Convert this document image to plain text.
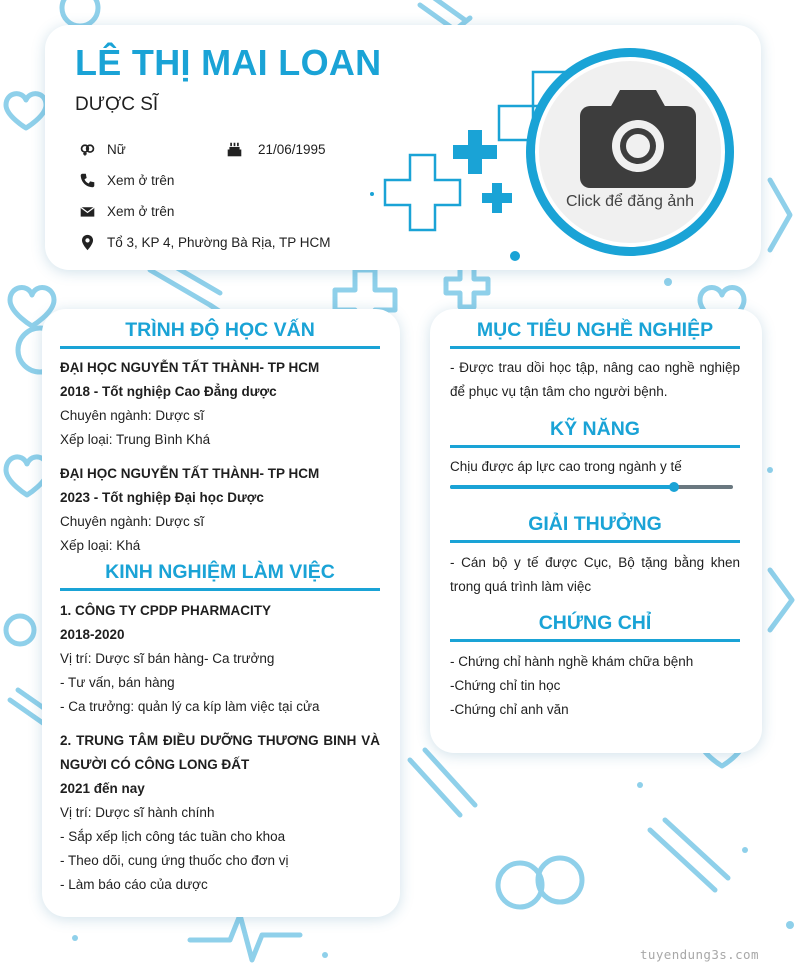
LÊ THỊ MAI LOAN
DƯỢC SĨ
Nữ	21/06/1995
Xem ở trên
Xem ở trên
Tổ 3, KP 4, Phường Bà Rịa, TP HCM
Click để đăng ảnh
TRÌNH ĐỘ HỌC VẤN
ĐẠI HỌC NGUYỄN TẤT THÀNH- TP HCM
2018 - Tốt nghiệp Cao Đẳng dược
Chuyên ngành: Dược sĩ
Xếp loại: Trung Bình Khá
ĐẠI HỌC NGUYỄN TẤT THÀNH- TP HCM
2023 - Tốt nghiệp Đại học Dược
Chuyên ngành: Dược sĩ
Xếp loại: Khá
KINH NGHIỆM LÀM VIỆC
1. CÔNG TY CPDP PHARMACITY
2018-2020
Vị trí: Dược sĩ bán hàng- Ca trưởng
- Tư vấn, bán hàng
- Ca trưởng: quản lý ca kíp làm việc tại cửa
2. TRUNG TÂM ĐIỀU DƯỠNG THƯƠNG BINH VÀ
NGƯỜI CÓ CÔNG LONG ĐẤT
2021 đến nay
Vị trí: Dược sĩ hành chính
- Sắp xếp lịch công tác tuần cho khoa
- Theo dõi, cung ứng thuốc cho đơn vị
- Làm báo cáo của dược
MỤC TIÊU NGHỀ NGHIỆP
- Được trau dồi học tập, nâng cao nghề nghiệp để phục vụ tận tâm cho người bệnh.
KỸ NĂNG
Chịu được áp lực cao trong ngành y tế
GIẢI THƯỞNG
- Cán bộ y tế được Cục, Bộ tặng bằng khen trong quá trình làm việc
CHỨNG CHỈ
- Chứng chỉ hành nghề khám chữa bệnh
-Chứng chỉ tin học
-Chứng chỉ anh văn
tuyendung3s.com
